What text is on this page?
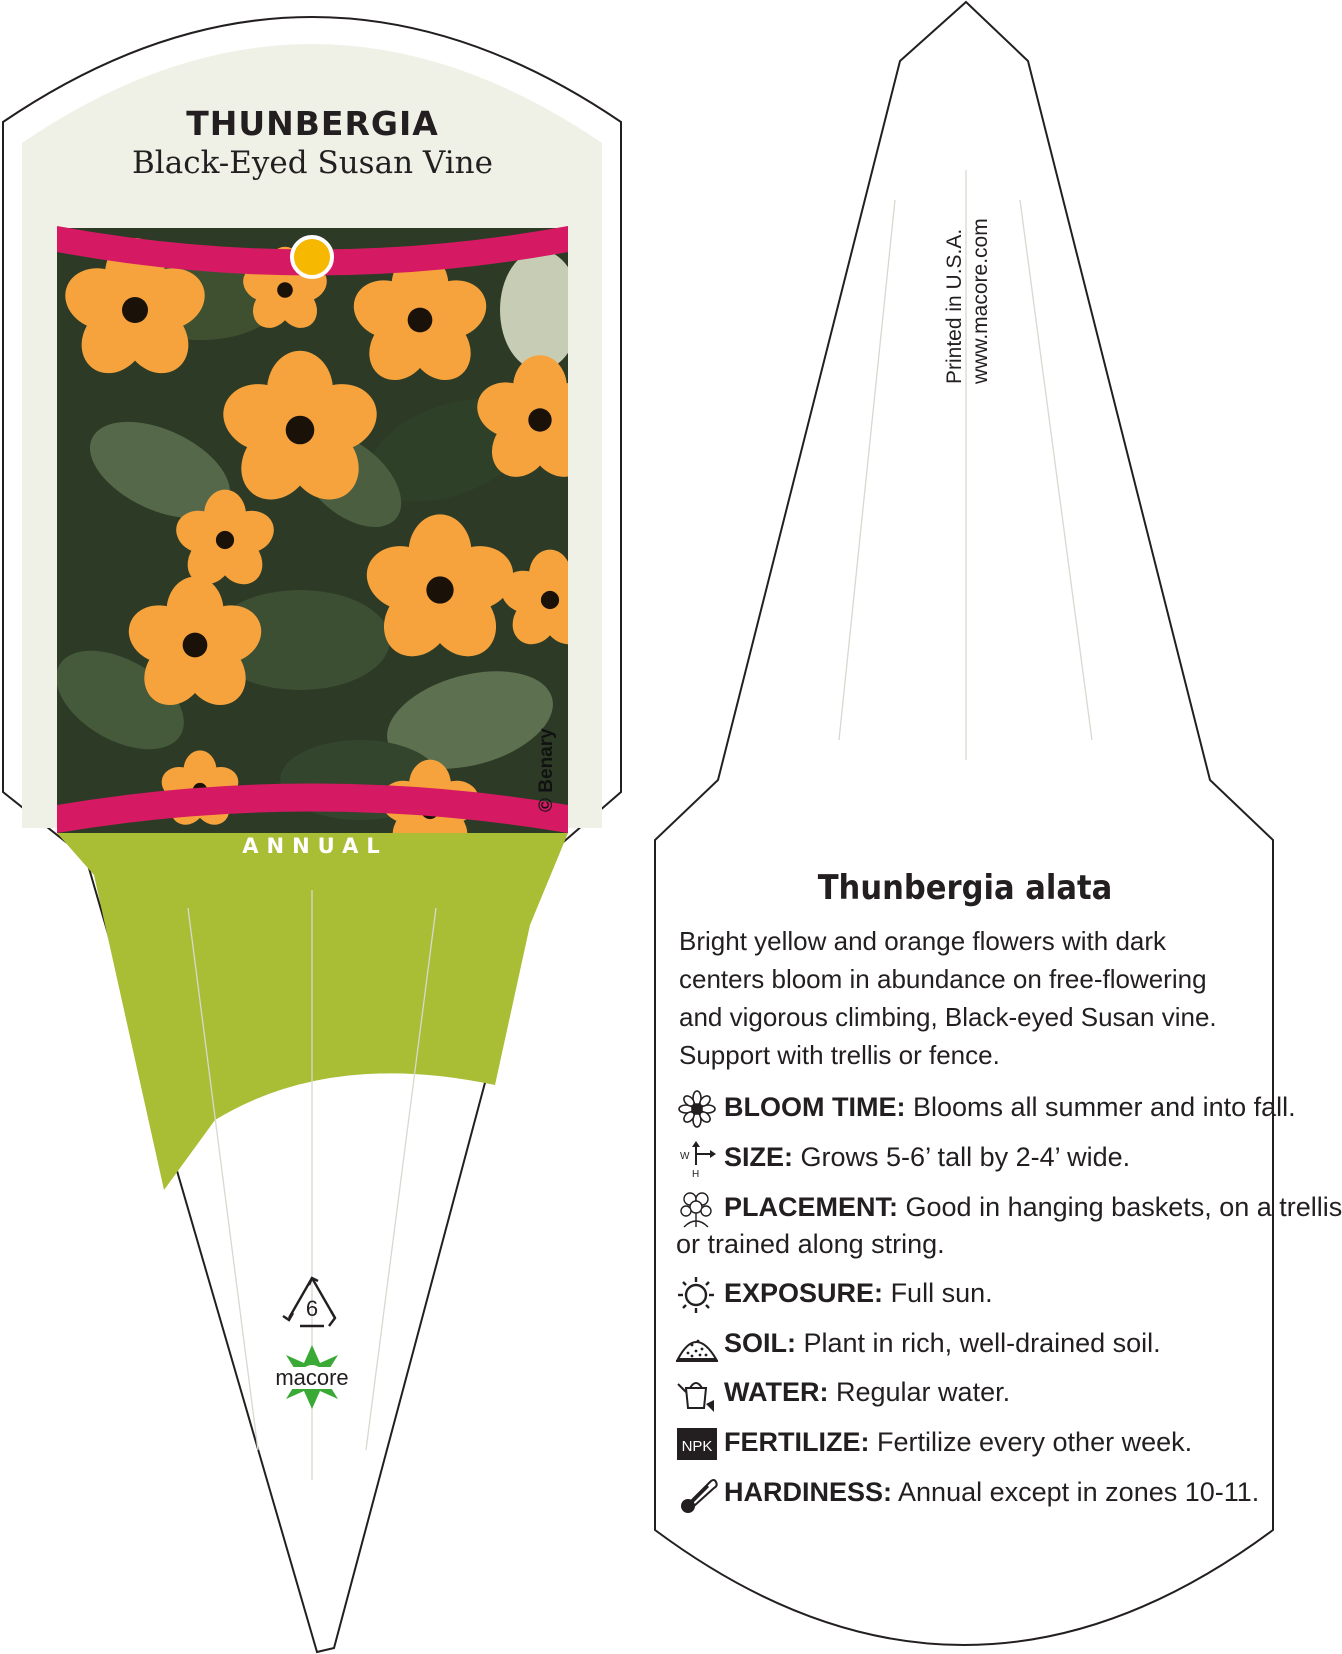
6
macore
THUNBERGIA
Black-Eyed Susan Vine
ANNUAL
© Benary
Printed in U.S.A. www.macore.com
Thunbergia alata
Bright yellow and orange flowers with dark centers bloom in abundance on free-flowering and vigorous climbing, Black-eyed Susan vine. Support with trellis or fence.
BLOOM TIME: Blooms all summer and into fall.
W
H
SIZE: Grows 5-6’ tall by 2-4’ wide.
PLACEMENT: Good in hanging baskets, on a trellis
or trained along string.
EXPOSURE: Full sun.
SOIL: Plant in rich, well-drained soil.
WATER: Regular water.
NPK FERTILIZE: Fertilize every other week.
HARDINESS: Annual except in zones 10-11.
